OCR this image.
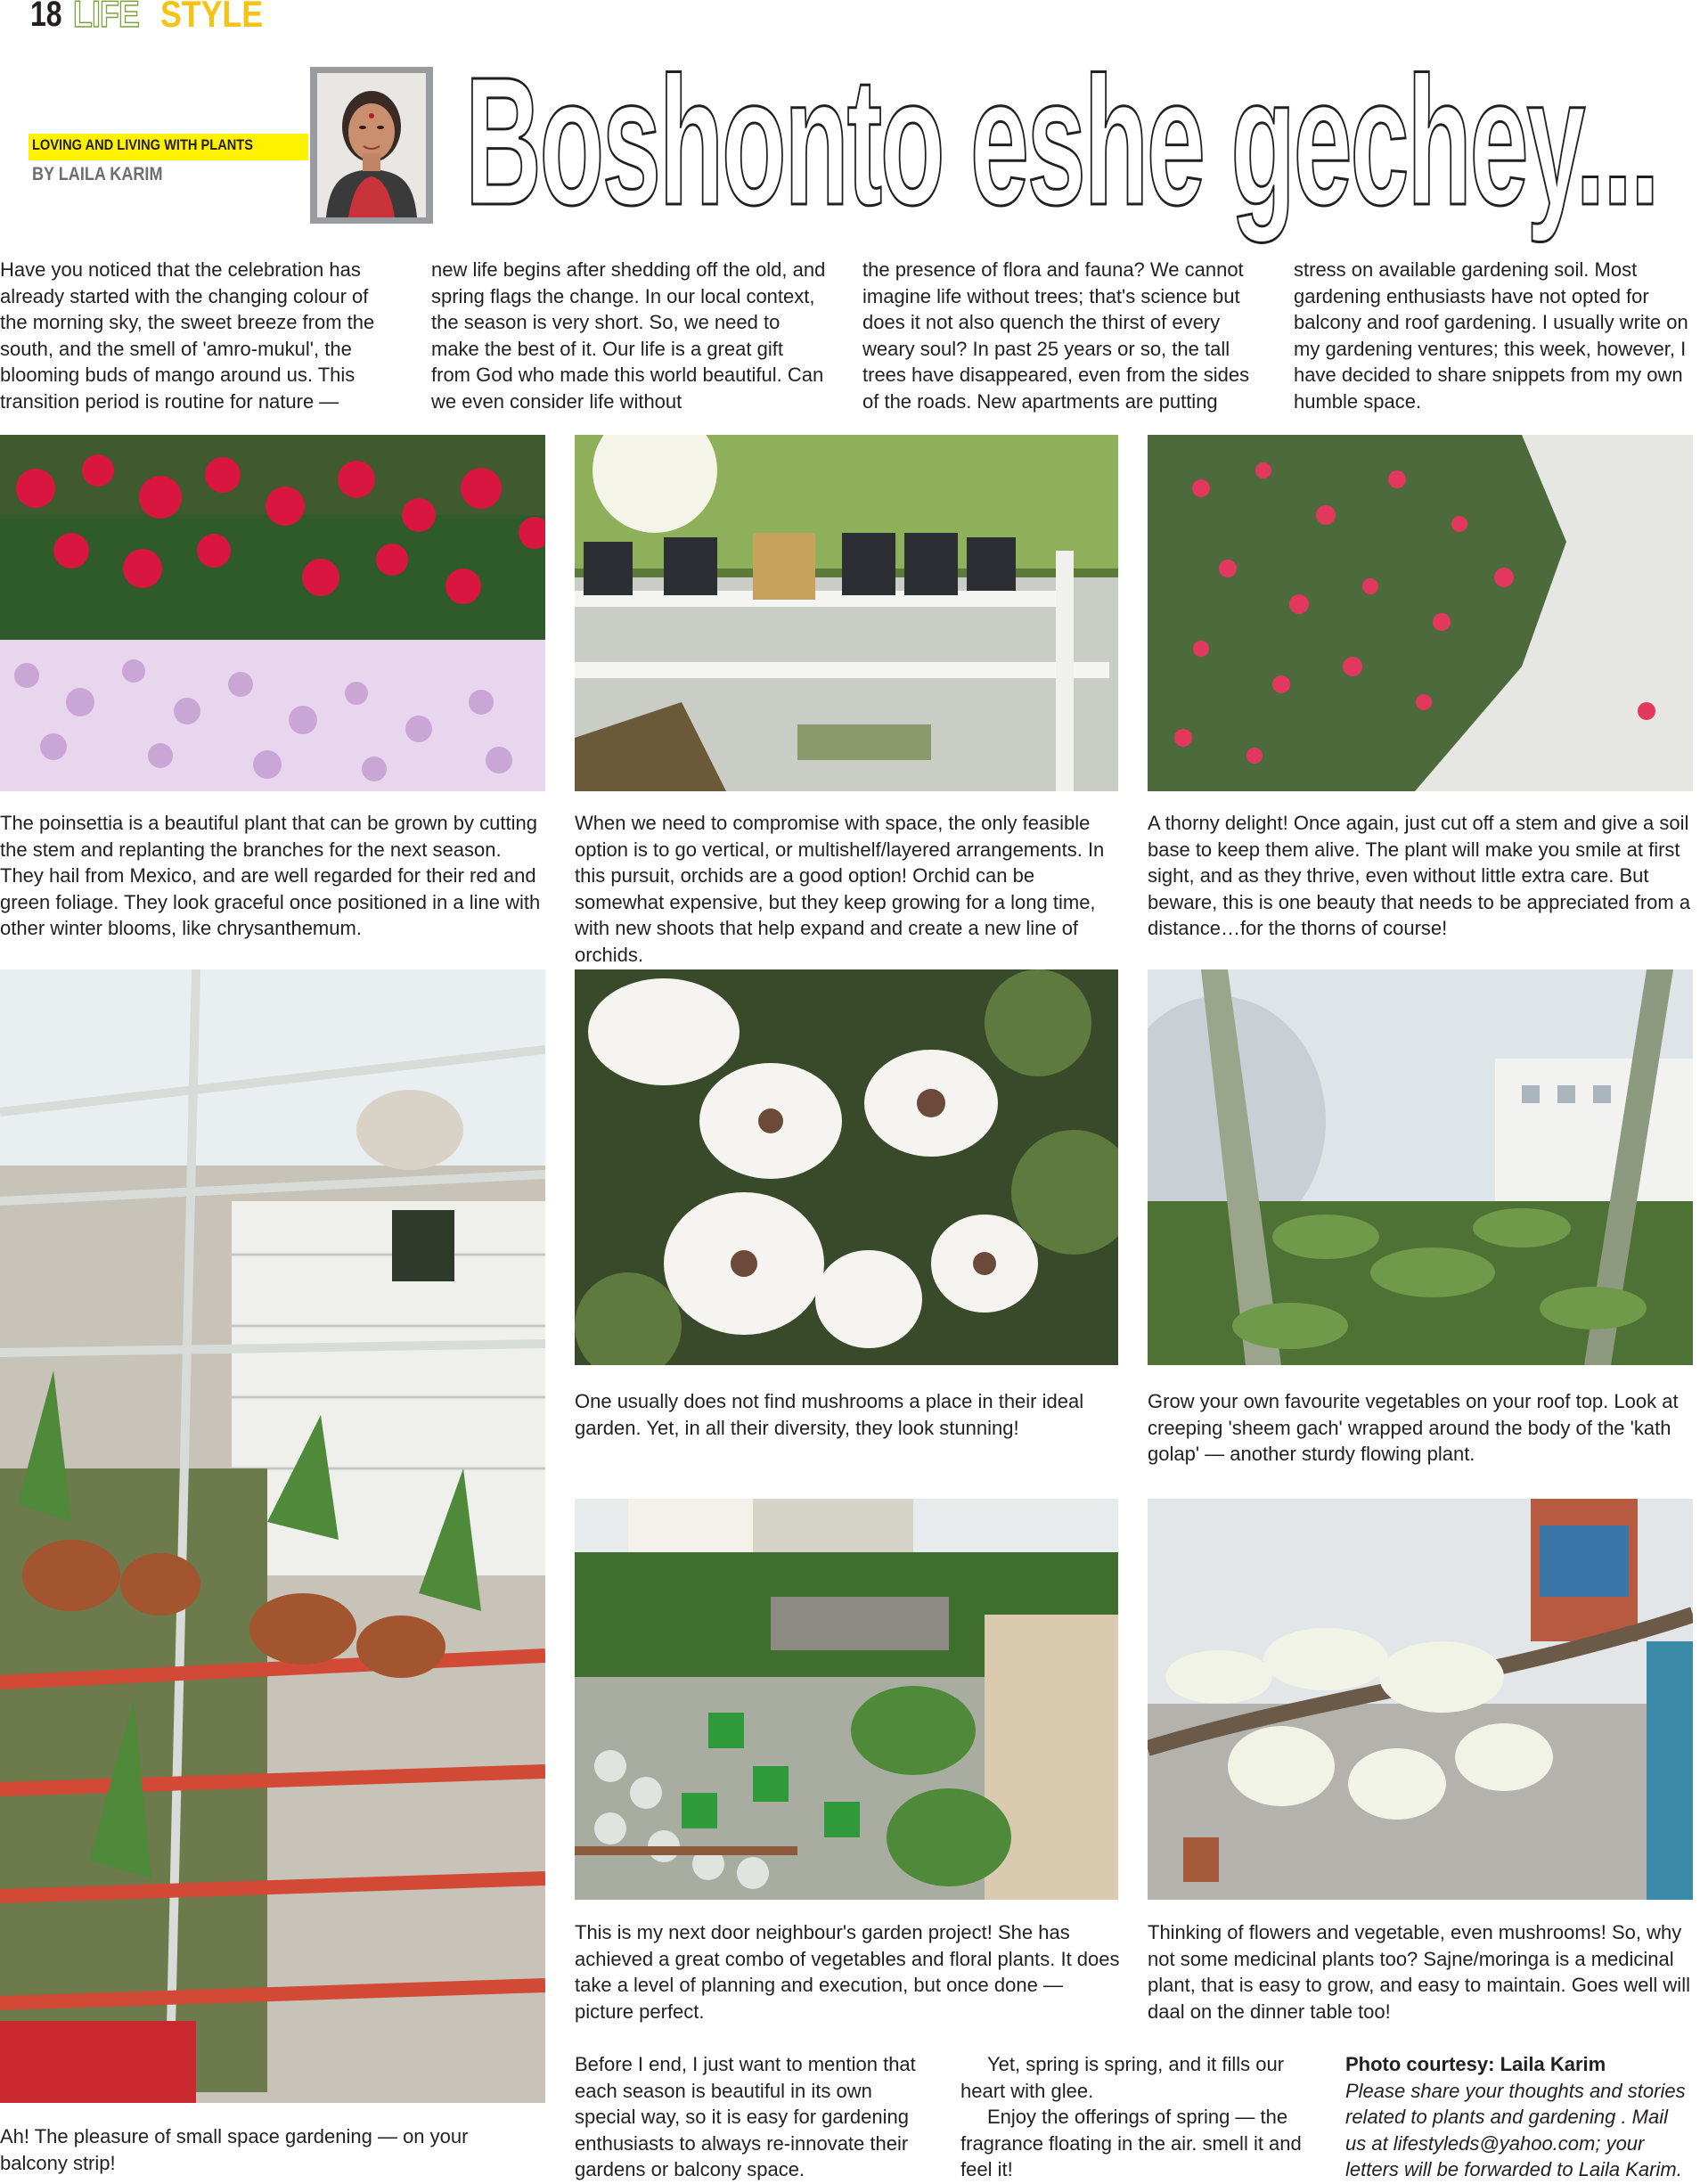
18 LIFE STYLE
LOVING AND LIVING WITH PLANTS
BY LAILA KARIM Boshonto eshe gechey...

Have you noticed that the celebration has already started with the changing colour of the morning sky, the sweet breeze from the south, and the smell of 'amro-mukul', the blooming buds of mango around us. This transition period is routine for nature —

new life begins after shedding off the old, and spring flags the change. In our local context, the season is very short. So, we need to make the best of it. Our life is a great gift from God who made this world beautiful. Can we even consider life without

the presence of flora and fauna? We cannot imagine life without trees; that's science but does it not also quench the thirst of every weary soul? In past 25 years or so, the tall trees have disappeared, even from the sides of the roads. New apartments are putting

stress on available gardening soil. Most gardening enthusiasts have not opted for balcony and roof gardening. I usually write on my gardening ventures; this week, however, I have decided to share snippets from my own humble space.

The poinsettia is a beautiful plant that can be grown by cutting the stem and replanting the branches for the next season. They hail from Mexico, and are well regarded for their red and green foliage. They look graceful once positioned in a line with other winter blooms, like chrysanthemum.

When we need to compromise with space, the only feasible option is to go vertical, or multishelf/layered arrangements. In this pursuit, orchids are a good option! Orchid can be somewhat expensive, but they keep growing for a long time, with new shoots that help expand and create a new line of orchids.

A thorny delight! Once again, just cut off a stem and give a soil base to keep them alive. The plant will make you smile at first sight, and as they thrive, even without little extra care. But beware, this is one beauty that needs to be appreciated from a distance…for the thorns of course!

One usually does not find mushrooms a place in their ideal garden. Yet, in all their diversity, they look stunning!

Grow your own favourite vegetables on your roof top. Look at creeping 'sheem gach' wrapped around the body of the 'kath golap' — another sturdy flowing plant.

This is my next door neighbour's garden project! She has achieved a great combo of vegetables and floral plants. It does take a level of planning and execution, but once done — picture perfect.

Thinking of flowers and vegetable, even mushrooms! So, why not some medicinal plants too? Sajne/moringa is a medicinal plant, that is easy to grow, and easy to maintain. Goes well will daal on the dinner table too!

Ah! The pleasure of small space gardening — on your balcony strip!

Before I end, I just want to mention that each season is beautiful in its own special way, so it is easy for gardening enthusiasts to always re-innovate their gardens or balcony space.

Yet, spring is spring, and it fills our heart with glee.

Enjoy the offerings of spring — the fragrance floating in the air. smell it and feel it!

Photo courtesy: Laila Karim

Please share your thoughts and stories related to plants and gardening . Mail us at lifestyleds@yahoo.com; your letters will be forwarded to Laila Karim.
